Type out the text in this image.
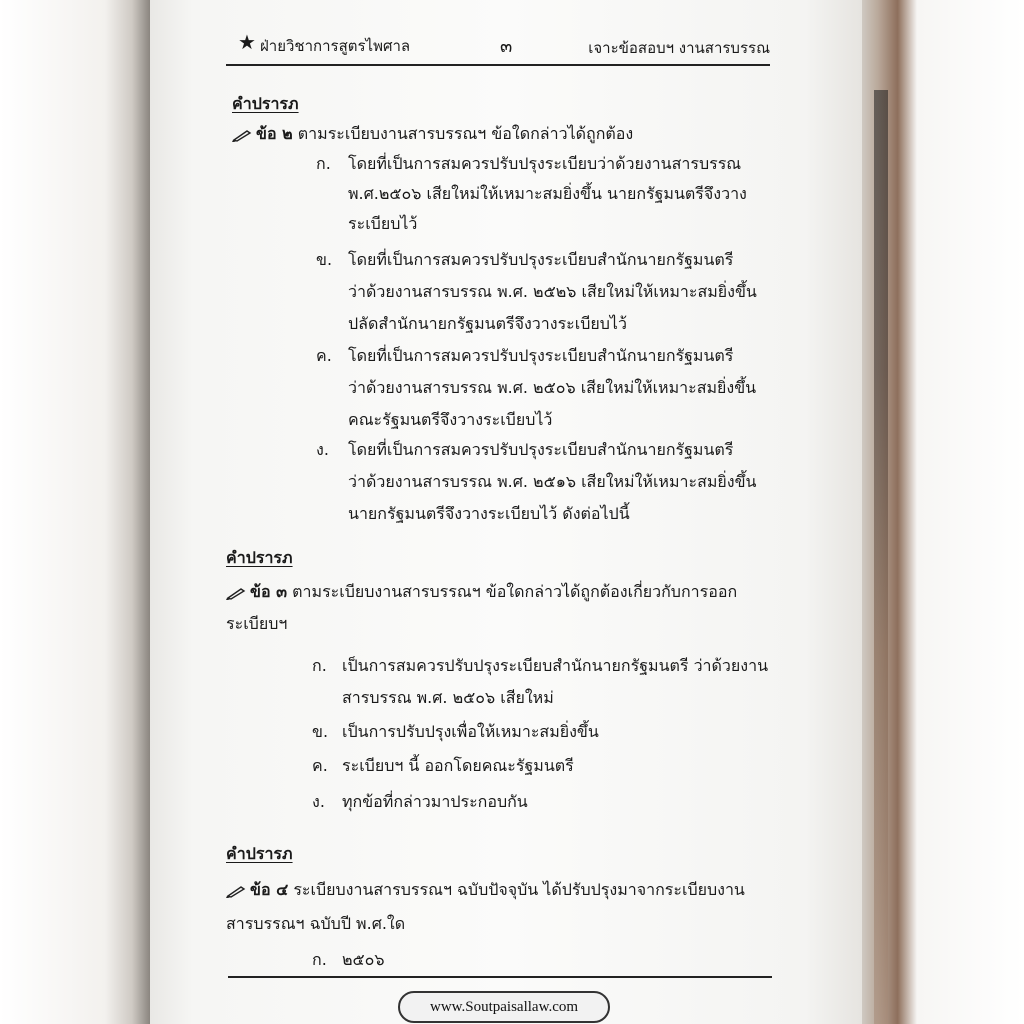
★ ฝ่ายวิชาการสูตรไพศาล	๓	เจาะข้อสอบฯ งานสารบรรณ
คำปรารภ
ข้อ ๒ ตามระเบียบงานสารบรรณฯ ข้อใดกล่าวได้ถูกต้อง
ก. โดยที่เป็นการสมควรปรับปรุงระเบียบว่าด้วยงานสารบรรณ
พ.ศ.๒๕๐๖ เสียใหม่ให้เหมาะสมยิ่งขึ้น นายกรัฐมนตรีจึงวาง
ระเบียบไว้
ข. โดยที่เป็นการสมควรปรับปรุงระเบียบสำนักนายกรัฐมนตรี
ว่าด้วยงานสารบรรณ พ.ศ. ๒๕๒๖ เสียใหม่ให้เหมาะสมยิ่งขึ้น
ปลัดสำนักนายกรัฐมนตรีจึงวางระเบียบไว้
ค. โดยที่เป็นการสมควรปรับปรุงระเบียบสำนักนายกรัฐมนตรี
ว่าด้วยงานสารบรรณ พ.ศ. ๒๕๐๖ เสียใหม่ให้เหมาะสมยิ่งขึ้น
คณะรัฐมนตรีจึงวางระเบียบไว้
ง. โดยที่เป็นการสมควรปรับปรุงระเบียบสำนักนายกรัฐมนตรี
ว่าด้วยงานสารบรรณ พ.ศ. ๒๕๑๖ เสียใหม่ให้เหมาะสมยิ่งขึ้น
นายกรัฐมนตรีจึงวางระเบียบไว้ ดังต่อไปนี้
คำปรารภ
ข้อ ๓ ตามระเบียบงานสารบรรณฯ ข้อใดกล่าวได้ถูกต้องเกี่ยวกับการออก
ระเบียบฯ
ก. เป็นการสมควรปรับปรุงระเบียบสำนักนายกรัฐมนตรี ว่าด้วยงาน
สารบรรณ พ.ศ. ๒๕๐๖ เสียใหม่
ข. เป็นการปรับปรุงเพื่อให้เหมาะสมยิ่งขึ้น
ค. ระเบียบฯ นี้ ออกโดยคณะรัฐมนตรี
ง. ทุกข้อที่กล่าวมาประกอบกัน
คำปรารภ
ข้อ ๔ ระเบียบงานสารบรรณฯ ฉบับปัจจุบัน ได้ปรับปรุงมาจากระเบียบงาน
สารบรรณฯ ฉบับปี พ.ศ.ใด
ก. ๒๕๐๖
www.Soutpaisallaw.com
